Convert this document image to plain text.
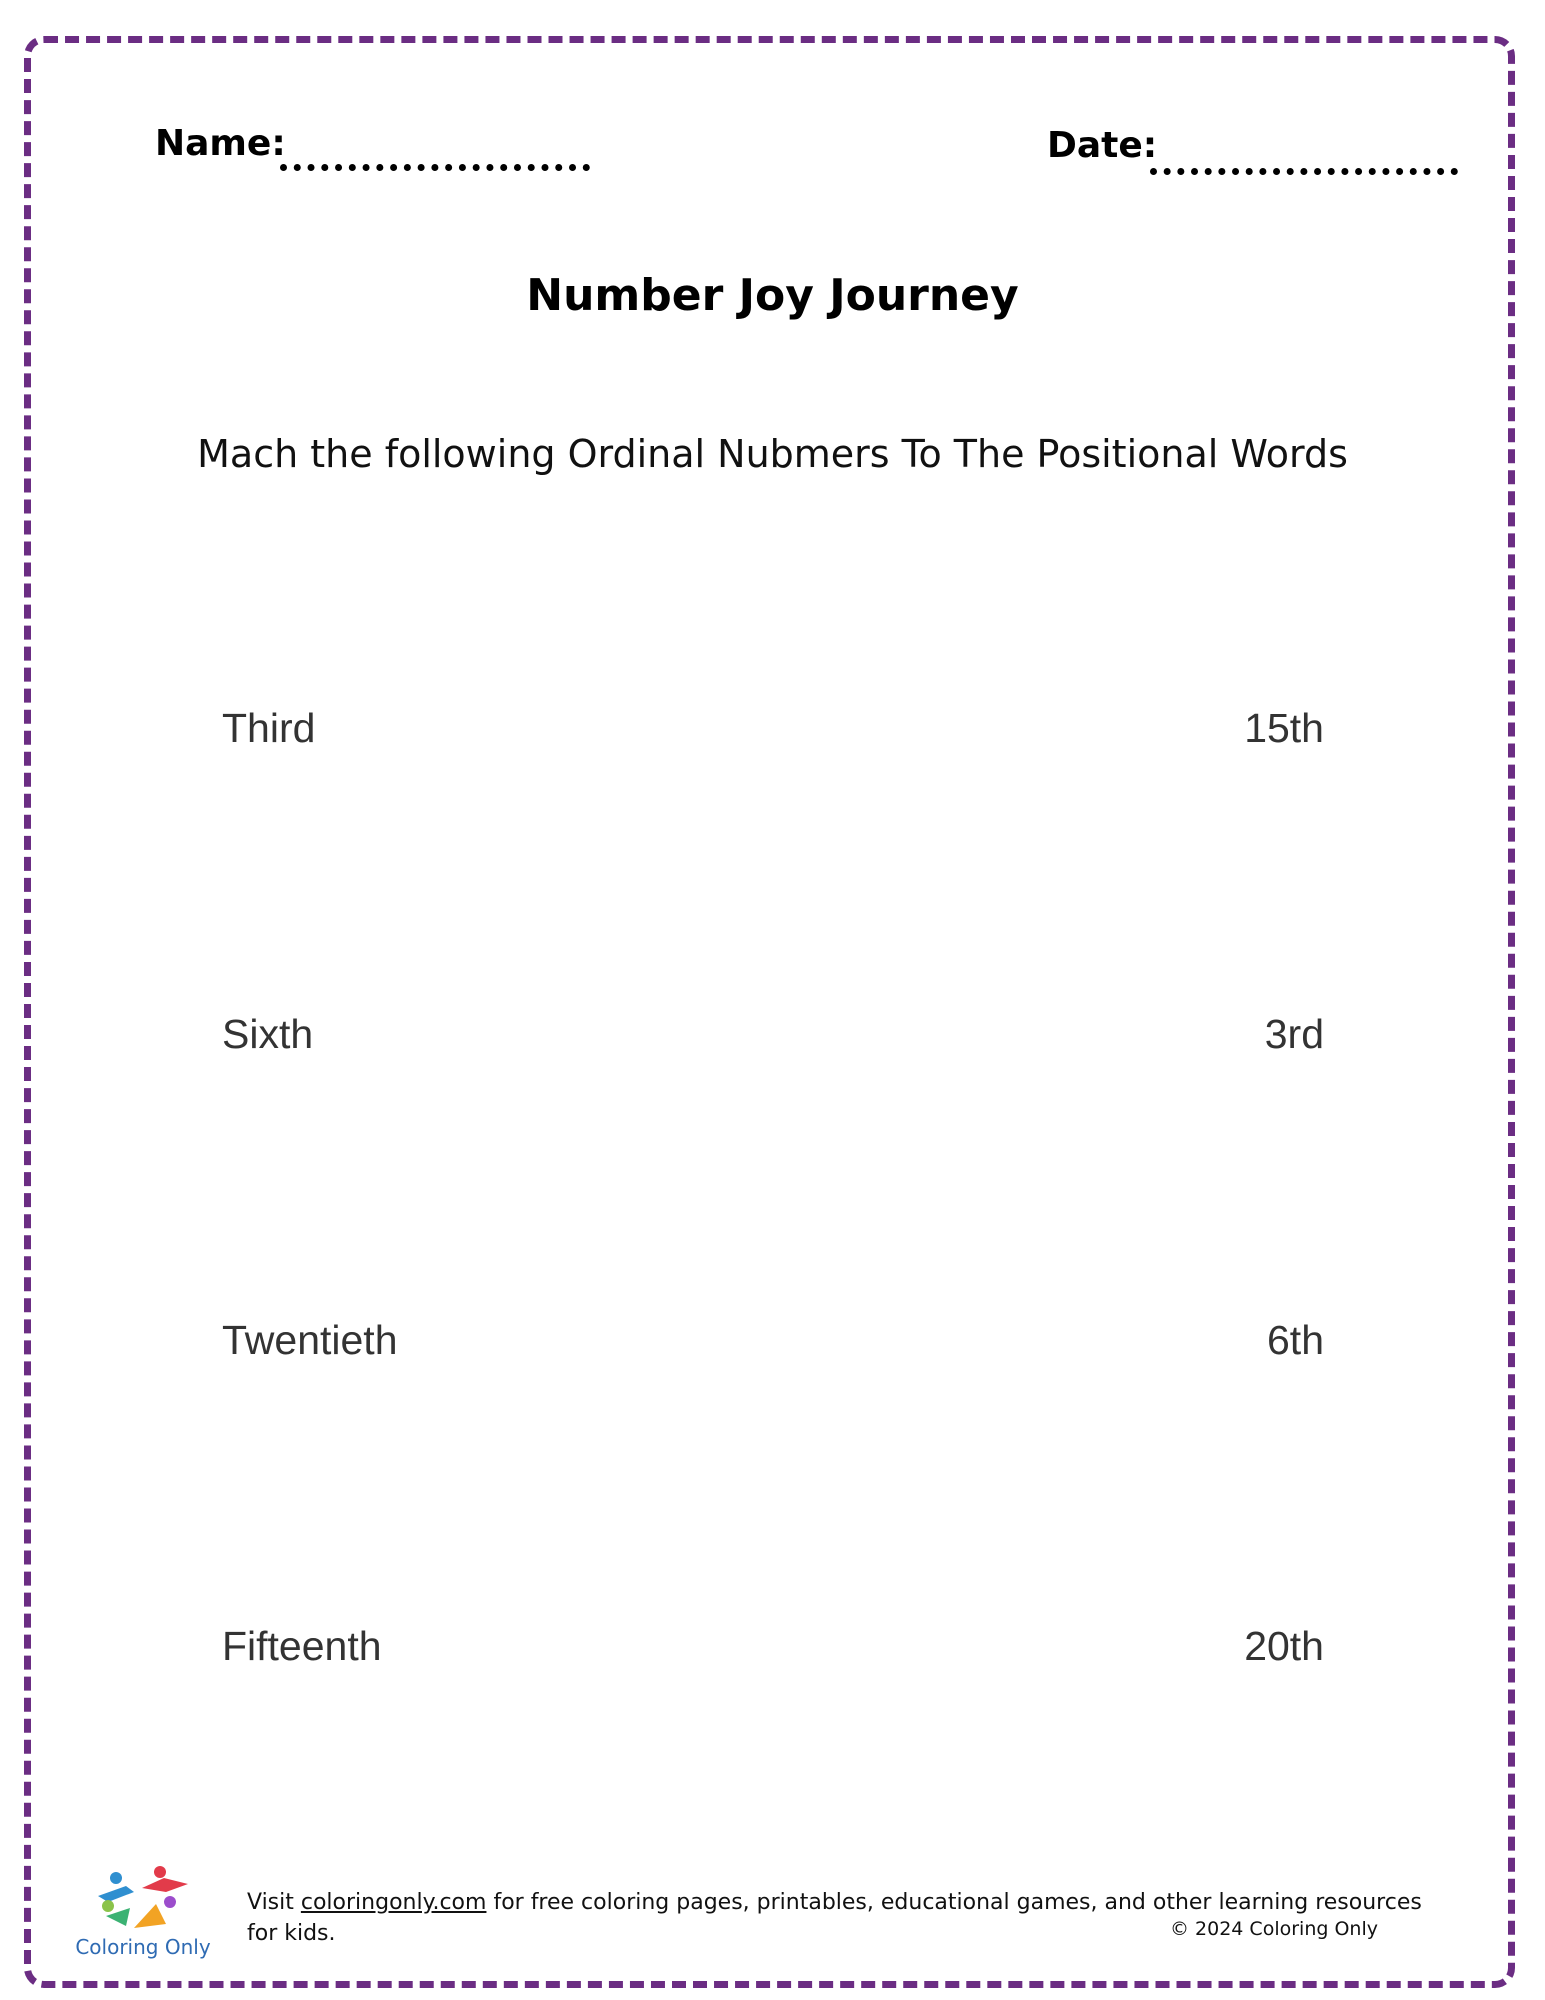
Name:	Date:
Number Joy Journey
Mach the following Ordinal Nubmers To The Positional Words
Third	15th
Sixth	3rd
Twentieth	6th
Fifteenth	20th
Coloring Only
Visit coloringonly.com for free coloring pages, printables, educational games, and other learning resources for kids.	© 2024 Coloring Only
